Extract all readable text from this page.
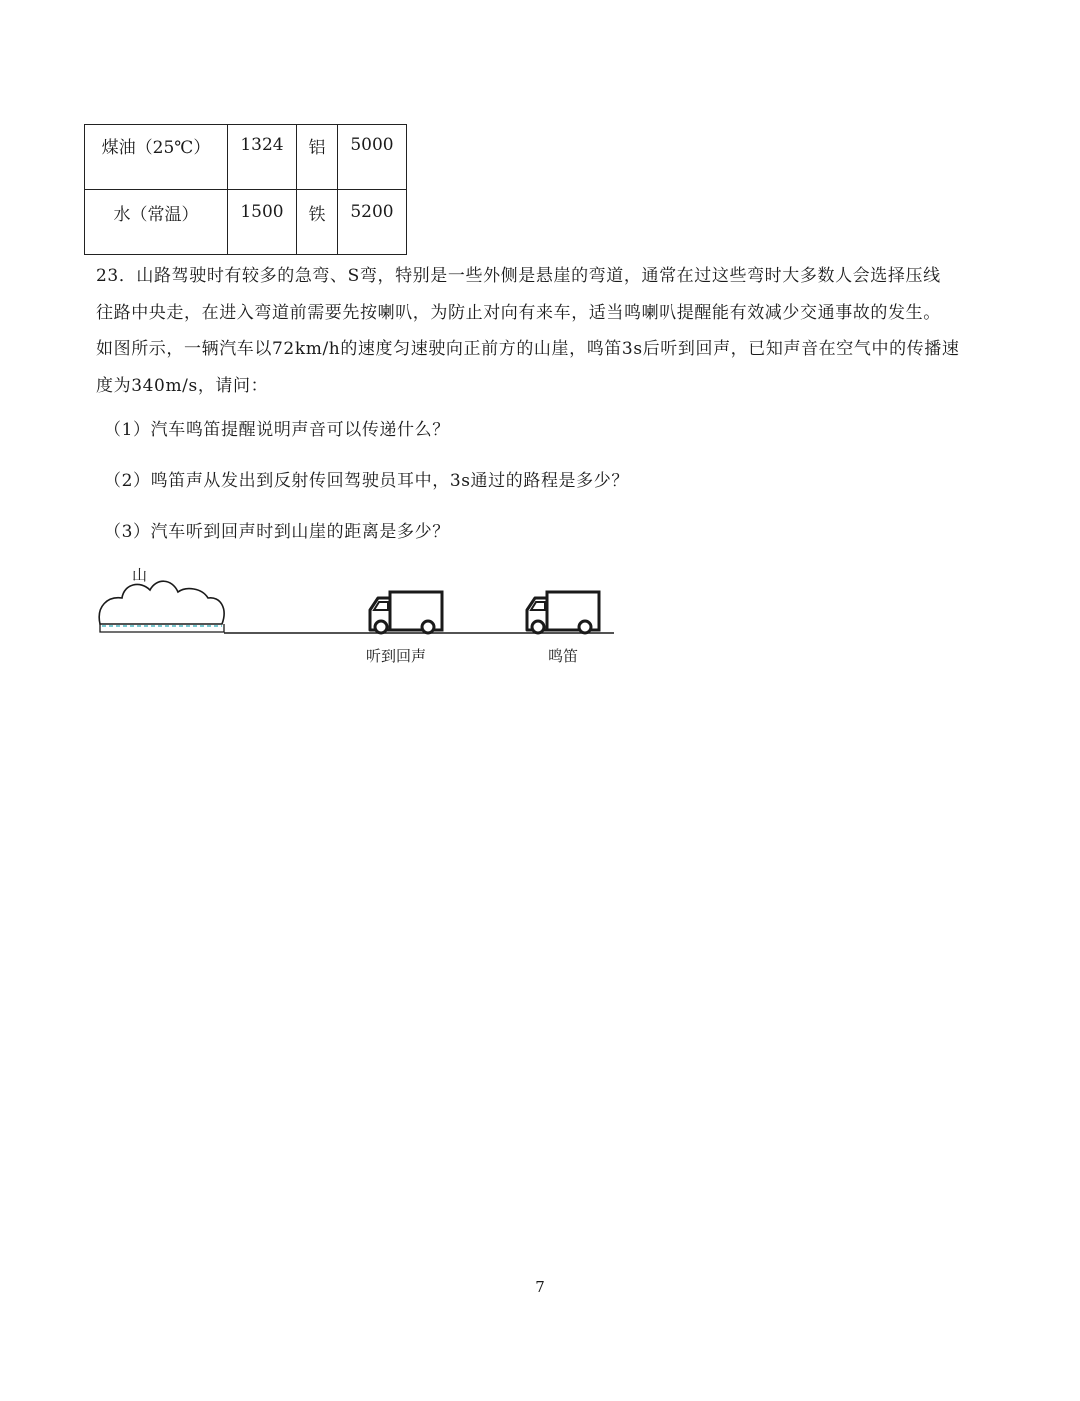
煤油（25℃）	1324	铝	5000
水（常温）	1500	铁	5200

23．山路驾驶时有较多的急弯、S弯，特别是一些外侧是悬崖的弯道，通常在过这些弯时大多数人会选择压线

往路中央走，在进入弯道前需要先按喇叭，为防止对向有来车，适当鸣喇叭提醒能有效减少交通事故的发生。

如图所示，一辆汽车以72km/h的速度匀速驶向正前方的山崖，鸣笛3s后听到回声，已知声音在空气中的传播速

度为340m/s，请问：

（1）汽车鸣笛提醒说明声音可以传递什么？
（2）鸣笛声从发出到反射传回驾驶员耳中，3s通过的路程是多少？
（3）汽车听到回声时到山崖的距离是多少？
山
听到回声	鸣笛
7
